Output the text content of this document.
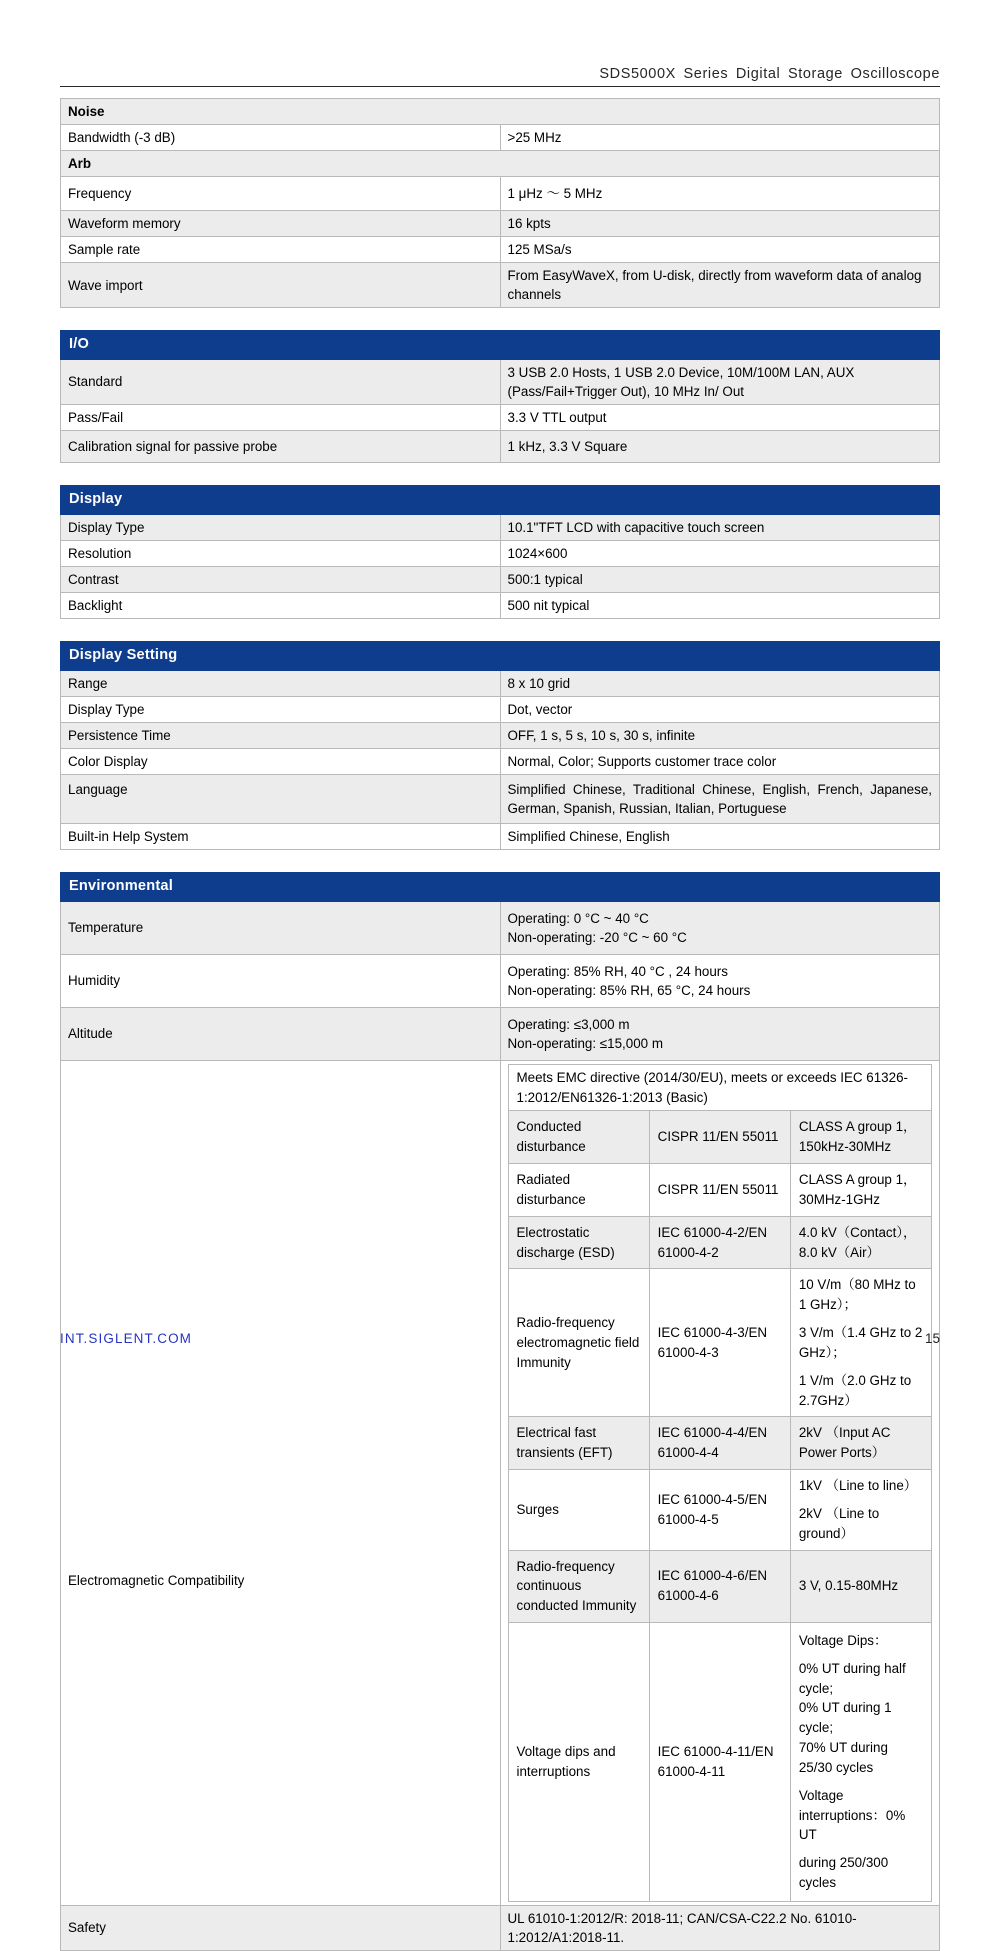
SDS5000X Series Digital Storage Oscilloscope
Noise	
Bandwidth (-3 dB)	>25 MHz
Arb	
Frequency	1 μHz ～ 5 MHz
Waveform memory	16 kpts
Sample rate	125 MSa/s
Wave import	From EasyWaveX, from U-disk, directly from waveform data of analog channels
I/O	
Standard	3 USB 2.0 Hosts, 1 USB 2.0 Device, 10M/100M LAN, AUX (Pass/Fail+Trigger Out), 10 MHz In/ Out
Pass/Fail	3.3 V TTL output
Calibration signal for passive probe	1 kHz, 3.3 V Square
Display	
Display Type	10.1"TFT LCD with capacitive touch screen
Resolution	1024×600
Contrast	500:1 typical
Backlight	500 nit typical
Display Setting	
Range	8 x 10 grid
Display Type	Dot, vector
Persistence Time	OFF, 1 s, 5 s, 10 s, 30 s, infinite
Color Display	Normal, Color; Supports customer trace color
Language	Simplified Chinese, Traditional Chinese, English, French, Japanese, German, Spanish, Russian, Italian, Portuguese
Built-in Help System	Simplified Chinese, English
Environmental
Temperature	
Operating: 0 °C ~ 40 °C
Non-operating: -20 °C ~ 60 °C

Humidity	
Operating: 85% RH, 40 °C , 24 hours
Non-operating: 85% RH, 65 °C, 24 hours

Altitude	
Operating: ≤3,000 m
Non-operating: ≤15,000 m

Electromagnetic Compatibility

Meets EMC directive (2014/30/EU), meets or exceeds IEC 61326-1:2012/EN61326-1:2013 (Basic)
Conducted disturbance	CISPR 11/EN 55011	CLASS A group 1，150kHz-30MHz
Radiated disturbance	CISPR 11/EN 55011	CLASS A group 1， 30MHz-1GHz
Electrostatic discharge (ESD)	IEC 61000-4-2/EN 61000-4-2	4.0 kV（Contact），8.0 kV（Air）
Radio-frequency electromagnetic field Immunity	IEC 61000-4-3/EN 61000-4-3	
10 V/m（80 MHz to 1 GHz）；
3 V/m（1.4 GHz to 2 GHz）；
1 V/m（2.0 GHz to 2.7GHz）

Electrical fast transients (EFT)	IEC 61000-4-4/EN 61000-4-4	2kV （Input AC Power Ports）
Surges	IEC 61000-4-5/EN 61000-4-5	
1kV （Line to line）
2kV （Line to ground）

Radio-frequency continuous conducted Immunity	IEC 61000-4-6/EN 61000-4-6	3 V, 0.15-80MHz
Voltage dips and interruptions	IEC 61000-4-11/EN 61000-4-11	
Voltage Dips：
0% UT during half cycle;
0% UT during 1 cycle;
70% UT during 25/30 cycles
Voltage interruptions：0% UT
during 250/300 cycles

Safety	UL 61010-1:2012/R: 2018-11; CAN/CSA-C22.2 No. 61010-1:2012/A1:2018-11.
INT.SIGLENT.COM	15
